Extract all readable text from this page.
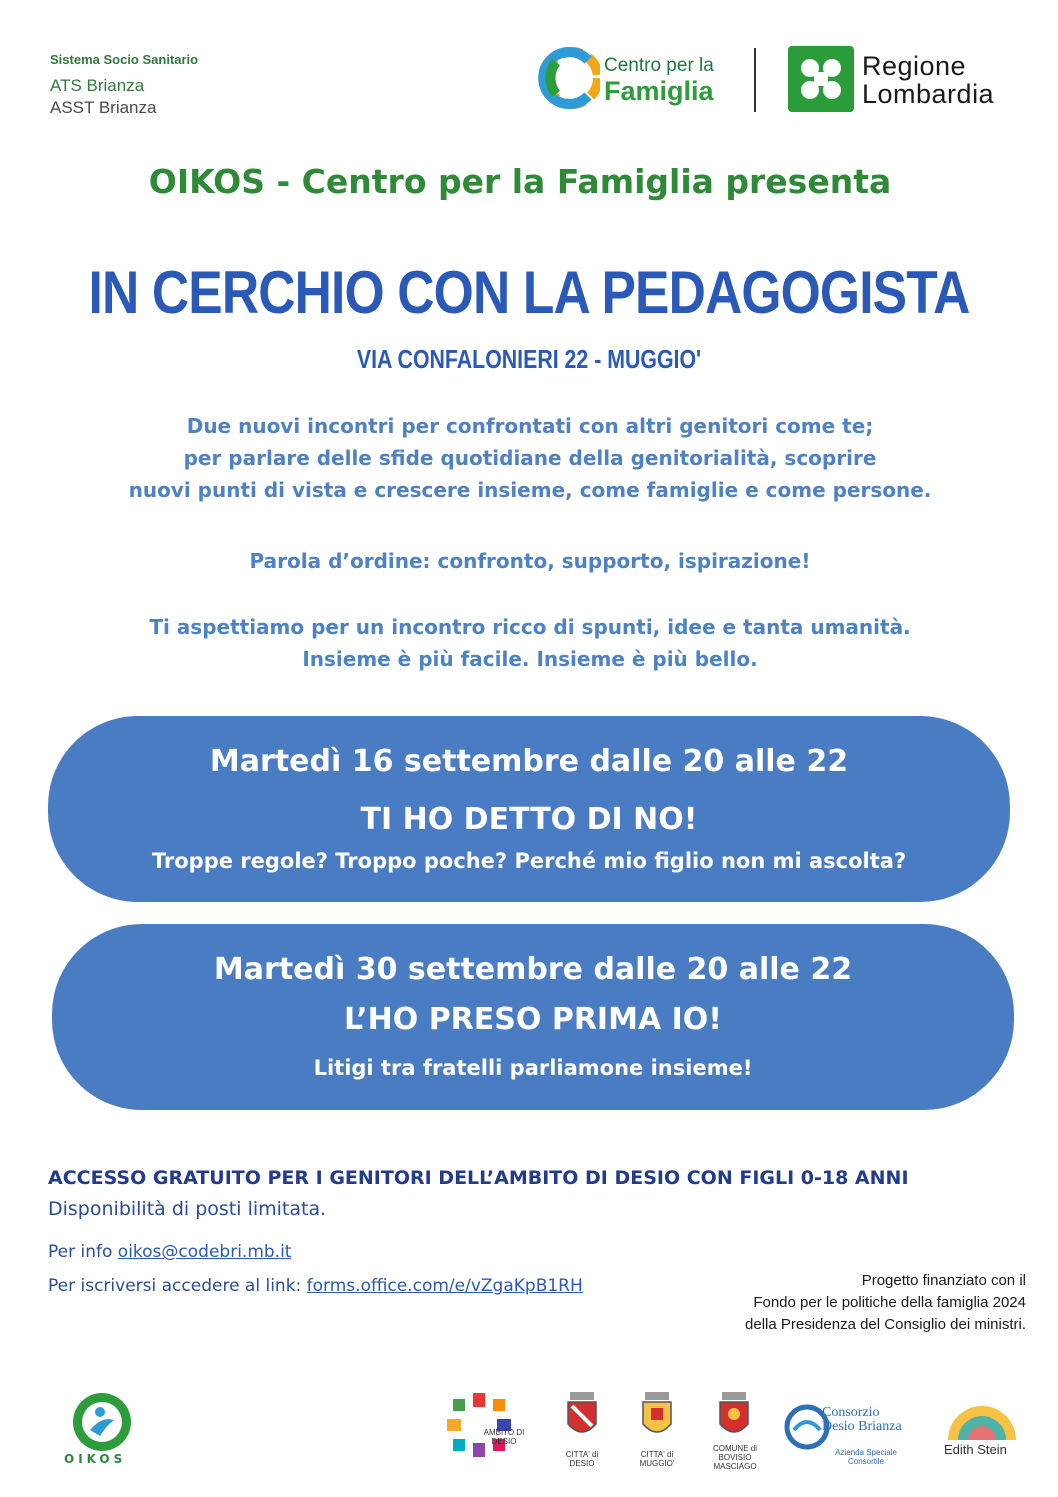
Sistema Socio Sanitario
ATS Brianza
ASST Brianza
Centro per la
Famiglia
Regione
Lombardia
OIKOS - Centro per la Famiglia presenta
IN CERCHIO CON LA PEDAGOGISTA
VIA CONFALONIERI 22 - MUGGIO'

Due nuovi incontri per confrontati con altri genitori come te;

per parlare delle sfide quotidiane della genitorialità, scoprire

nuovi punti di vista e crescere insieme, come famiglie e come persone.

Parola d’ordine: confronto, supporto, ispirazione!

Ti aspettiamo per un incontro ricco di spunti, idee e tanta umanità.

Insieme è più facile. Insieme è più bello.

Martedì 16 settembre dalle 20 alle 22
TI HO DETTO DI NO!
Troppe regole? Troppo poche? Perché mio figlio non mi ascolta?
Martedì 30 settembre dalle 20 alle 22
L’HO PRESO PRIMA IO!
Litigi tra fratelli parliamone insieme!
ACCESSO GRATUITO PER I GENITORI DELL’AMBITO DI DESIO CON FIGLI 0-18 ANNI
Disponibilità di posti limitata.
Per info oikos@codebri.mb.it
Per iscriversi accedere al link: forms.office.com/e/vZgaKpB1RH	Progetto finanziato con il
Fondo per le politiche della famiglia 2024
della Presidenza del Consiglio dei ministri.
OIKOS
AMBITO DI DESIO
CITTA' di DESIO
CITTA' di MUGGIO'
COMUNE di BOVISIO MASCIAGO
Consorzio Desio Brianza
Azienda Speciale Consortile
Edith Stein
